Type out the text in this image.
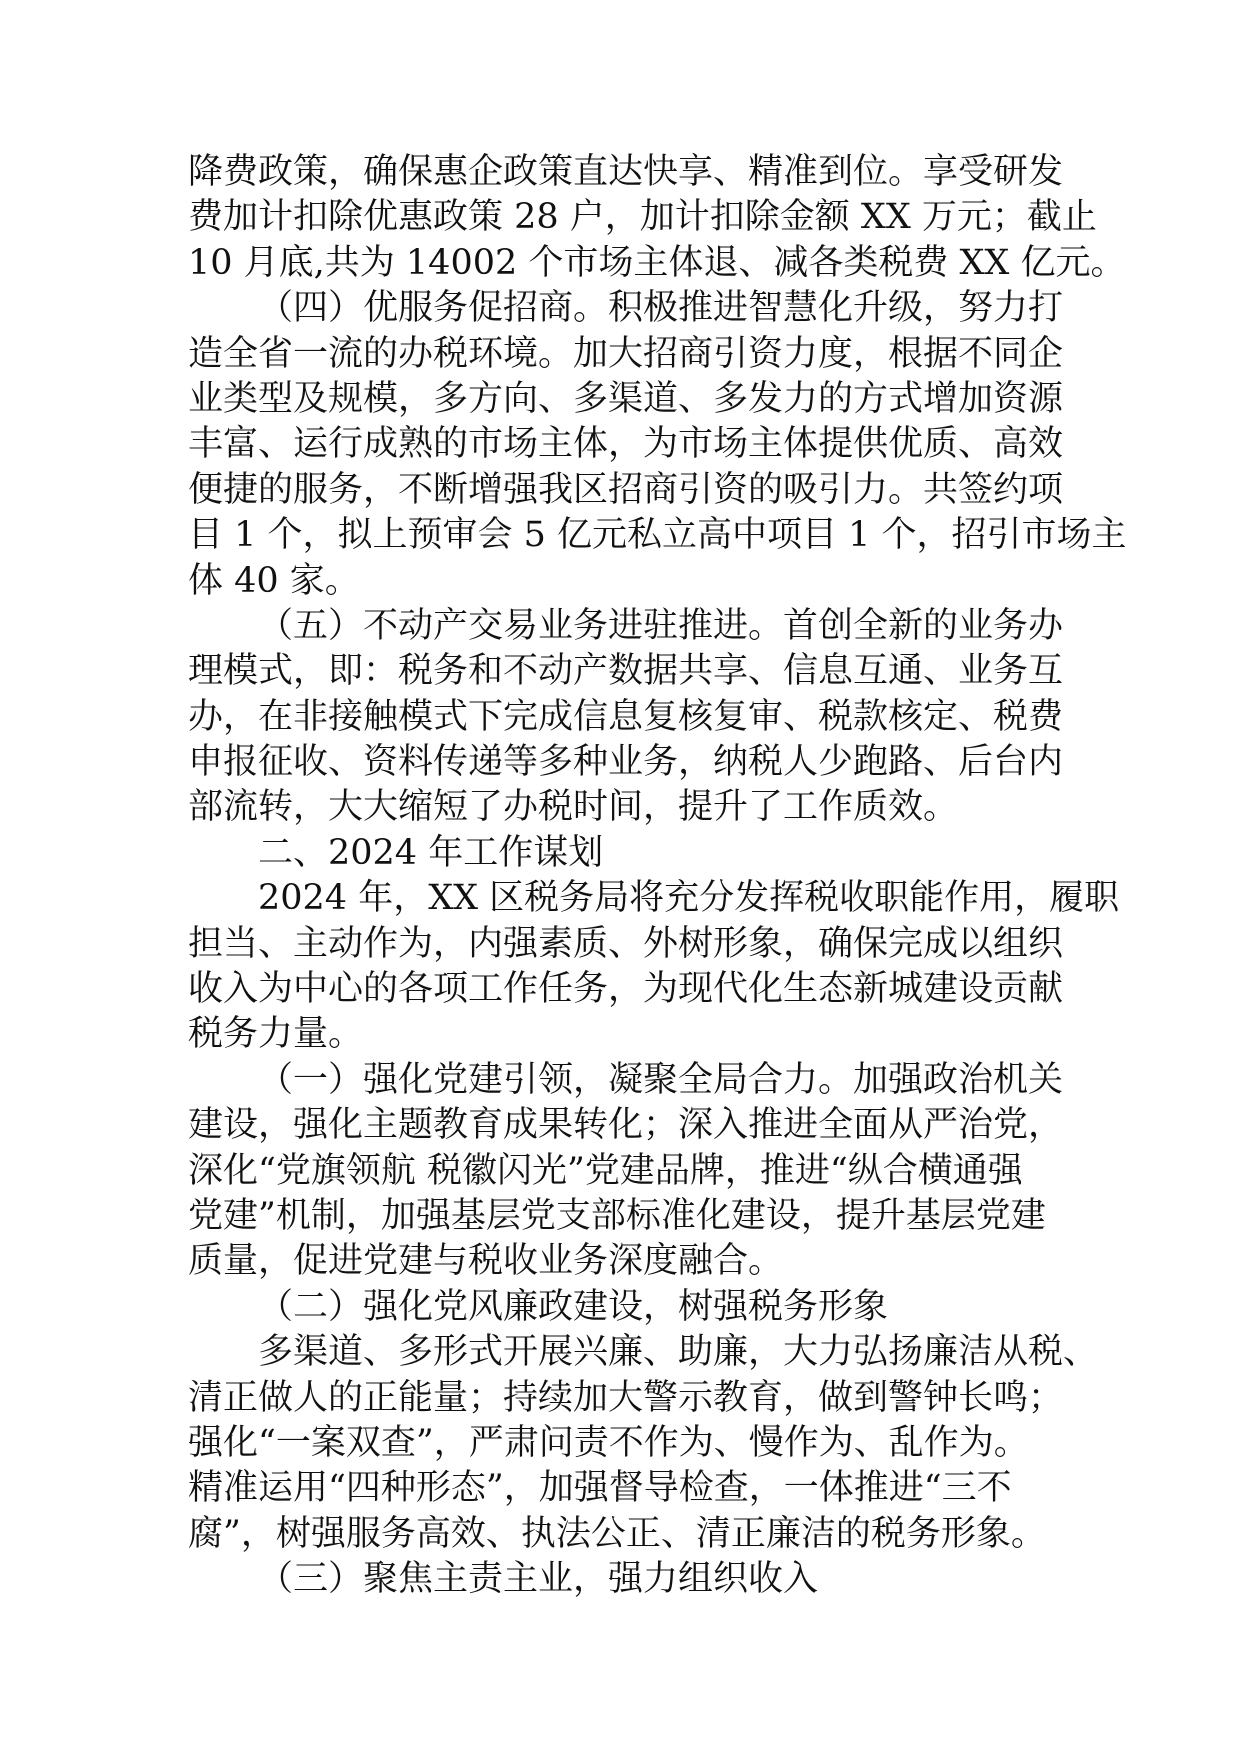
降费政策，确保惠企政策直达快享、精准到位。享受研发
费加计扣除优惠政策 28 户，加计扣除金额 XX 万元；截止
10 月底,共为 14002 个市场主体退、减各类税费 XX 亿元。
（四）优服务促招商。积极推进智慧化升级，努力打
造全省一流的办税环境。加大招商引资力度，根据不同企
业类型及规模，多方向、多渠道、多发力的方式增加资源
丰富、运行成熟的市场主体，为市场主体提供优质、高效
便捷的服务，不断增强我区招商引资的吸引力。共签约项
目 1 个，拟上预审会 5 亿元私立高中项目 1 个，招引市场主
体 40 家。
（五）不动产交易业务进驻推进。首创全新的业务办
理模式，即：税务和不动产数据共享、信息互通、业务互
办，在非接触模式下完成信息复核复审、税款核定、税费
申报征收、资料传递等多种业务，纳税人少跑路、后台内
部流转，大大缩短了办税时间，提升了工作质效。
二、2024 年工作谋划
2024 年，XX 区税务局将充分发挥税收职能作用，履职
担当、主动作为，内强素质、外树形象，确保完成以组织
收入为中心的各项工作任务，为现代化生态新城建设贡献
税务力量。
（一）强化党建引领，凝聚全局合力。加强政治机关
建设，强化主题教育成果转化；深入推进全面从严治党，
深化“党旗领航 税徽闪光”党建品牌，推进“纵合横通强
党建”机制，加强基层党支部标准化建设，提升基层党建
质量，促进党建与税收业务深度融合。
（二）强化党风廉政建设，树强税务形象
多渠道、多形式开展兴廉、助廉，大力弘扬廉洁从税、
清正做人的正能量；持续加大警示教育，做到警钟长鸣；
强化“一案双查”，严肃问责不作为、慢作为、乱作为。
精准运用“四种形态”，加强督导检查，一体推进“三不
腐”，树强服务高效、执法公正、清正廉洁的税务形象。
（三）聚焦主责主业，强力组织收入
